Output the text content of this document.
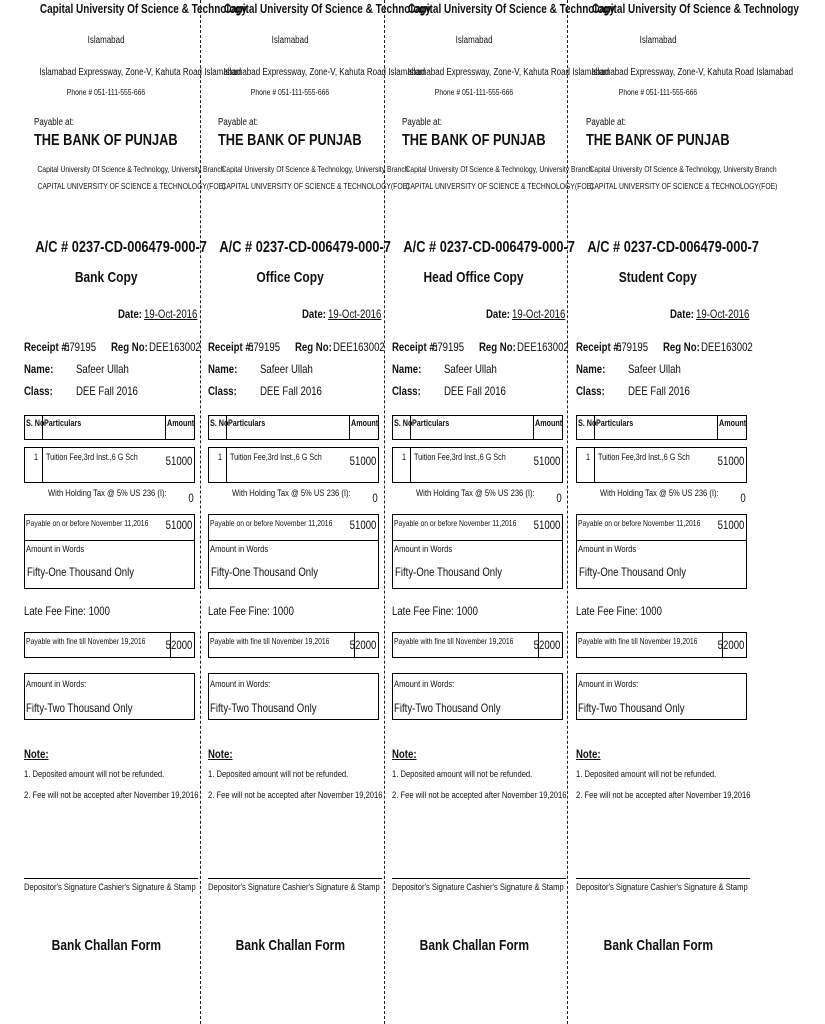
Capital University Of Science & Technology
Islamabad
Islamabad Expressway, Zone-V, Kahuta Road Islamabad
Phone # 051-111-555-666
Payable at:
THE BANK OF PUNJAB
Capital University Of Science & Technology, University Branch
CAPITAL UNIVERSITY OF SCIENCE & TECHNOLOGY(FOE)
A/C # 0237-CD-006479-000-7
Bank Copy
Date: 19-Oct-2016
Receipt #:
679195 Reg No: DEE163002
Name: Safeer Ullah
Class: DEE Fall 2016
S. No Particulars	Amount
1 Tuition Fee,3rd Inst.,6 G Sch	51000
With Holding Tax @ 5% US 236 (I): 0
Payable on or before November 11,2016	51000
Amount in Words
Fifty-One Thousand Only
Late Fee Fine: 1000
Payable with fine till November 19,2016	52000
Amount in Words:
Fifty-Two Thousand Only
Note:
1. Deposited amount will not be refunded.
2. Fee will not be accepted after November 19,2016
Depositor's Signature Cashier's Signature & Stamp
Bank Challan Form
Capital University Of Science & Technology
Islamabad
Islamabad Expressway, Zone-V, Kahuta Road Islamabad
Phone # 051-111-555-666
Payable at:
THE BANK OF PUNJAB
Capital University Of Science & Technology, University Branch
CAPITAL UNIVERSITY OF SCIENCE & TECHNOLOGY(FOE)
A/C # 0237-CD-006479-000-7
Office Copy
Date: 19-Oct-2016
Receipt #:
679195 Reg No: DEE163002
Name: Safeer Ullah
Class: DEE Fall 2016
S. No Particulars	Amount
1 Tuition Fee,3rd Inst.,6 G Sch	51000
With Holding Tax @ 5% US 236 (I): 0
Payable on or before November 11,2016	51000
Amount in Words
Fifty-One Thousand Only
Late Fee Fine: 1000
Payable with fine till November 19,2016	52000
Amount in Words:
Fifty-Two Thousand Only
Note:
1. Deposited amount will not be refunded.
2. Fee will not be accepted after November 19,2016
Depositor's Signature Cashier's Signature & Stamp
Bank Challan Form
Capital University Of Science & Technology
Islamabad
Islamabad Expressway, Zone-V, Kahuta Road Islamabad
Phone # 051-111-555-666
Payable at:
THE BANK OF PUNJAB
Capital University Of Science & Technology, University Branch
CAPITAL UNIVERSITY OF SCIENCE & TECHNOLOGY(FOE)
A/C # 0237-CD-006479-000-7
Head Office Copy
Date: 19-Oct-2016
Receipt #:
679195 Reg No: DEE163002
Name: Safeer Ullah
Class: DEE Fall 2016
S. No Particulars	Amount
1 Tuition Fee,3rd Inst.,6 G Sch	51000
With Holding Tax @ 5% US 236 (I): 0
Payable on or before November 11,2016	51000
Amount in Words
Fifty-One Thousand Only
Late Fee Fine: 1000
Payable with fine till November 19,2016	52000
Amount in Words:
Fifty-Two Thousand Only
Note:
1. Deposited amount will not be refunded.
2. Fee will not be accepted after November 19,2016
Depositor's Signature Cashier's Signature & Stamp
Bank Challan Form
Capital University Of Science & Technology
Islamabad
Islamabad Expressway, Zone-V, Kahuta Road Islamabad
Phone # 051-111-555-666
Payable at:
THE BANK OF PUNJAB
Capital University Of Science & Technology, University Branch
CAPITAL UNIVERSITY OF SCIENCE & TECHNOLOGY(FOE)
A/C # 0237-CD-006479-000-7
Student Copy
Date: 19-Oct-2016
Receipt #:
679195 Reg No: DEE163002
Name: Safeer Ullah
Class: DEE Fall 2016
S. No Particulars	Amount
1 Tuition Fee,3rd Inst.,6 G Sch	51000
With Holding Tax @ 5% US 236 (I): 0
Payable on or before November 11,2016	51000
Amount in Words
Fifty-One Thousand Only
Late Fee Fine: 1000
Payable with fine till November 19,2016	52000
Amount in Words:
Fifty-Two Thousand Only
Note:
1. Deposited amount will not be refunded.
2. Fee will not be accepted after November 19,2016
Depositor's Signature Cashier's Signature & Stamp
Bank Challan Form
